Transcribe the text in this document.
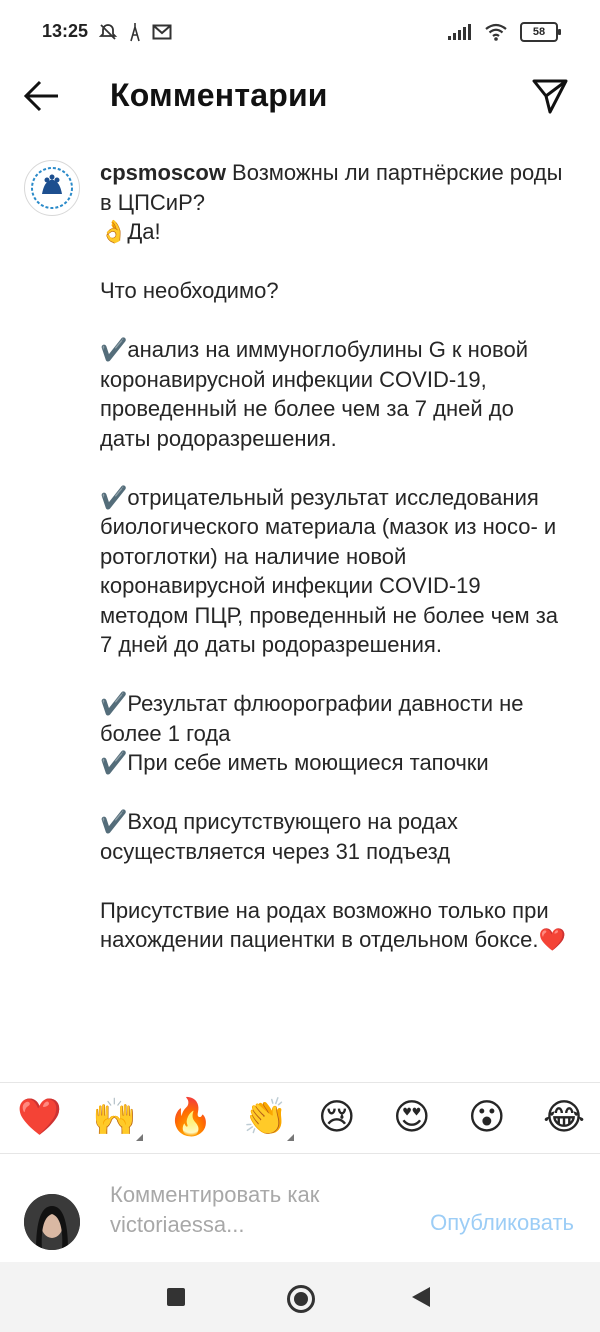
13:25	58
Комментарии
cpsmoscow Возможны ли партнёрские роды в ЦПСиР?
👌Да!

Что необходимо?

✔️анализ на иммуноглобулины G к новой коронавирусной инфекции COVID-19, проведенный не более чем за 7 дней до даты родоразрешения.

✔️отрицательный результат исследования биологического материала (мазок из носо- и ротоглотки) на наличие новой коронавирусной инфекции COVID-19 методом ПЦР, проведенный не более чем за 7 дней до даты родоразрешения.

✔️Результат флюорографии давности не более 1 года
✔️При себе иметь моющиеся тапочки

✔️Вход присутствующего на родах осуществляется через 31 подъезд

Присутствие на родах возможно только при нахождении пациентки в отдельном боксе.❤️
❤️ 🙌 🔥 👏 😢 😍 😮 😂
Комментировать как victoriaessa...	Опубликовать
